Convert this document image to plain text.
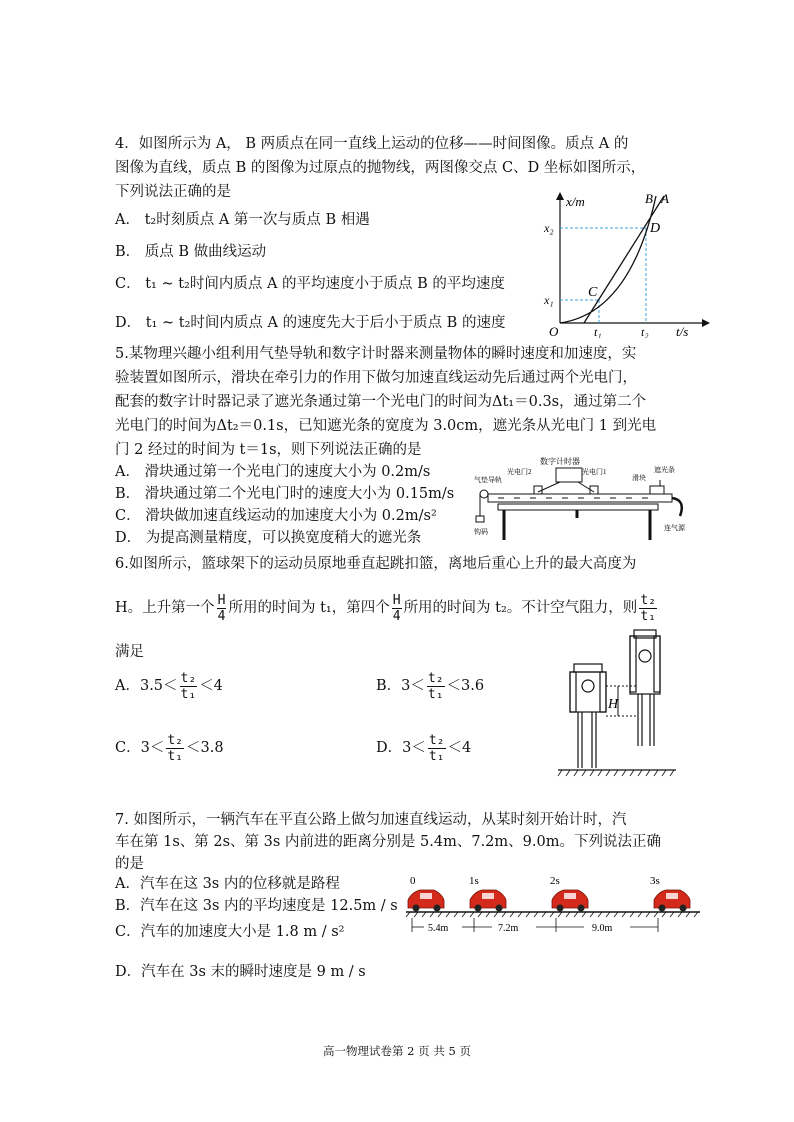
4．如图所示为 A， B 两质点在同一直线上运动的位移——时间图像。质点 A 的
图像为直线，质点 B 的图像为过原点的抛物线，两图像交点 C、D 坐标如图所示，
下列说法正确的是
A． t₂时刻质点 A 第一次与质点 B 相遇
B． 质点 B 做曲线运动
C． t₁ ~ t₂时间内质点 A 的平均速度小于质点 B 的平均速度
D． t₁ ~ t₂时间内质点 A 的速度先大于后小于质点 B 的速度
x/m	B A
D
C
x₂
x₁
O	t₁	t₂ t/s
5.某物理兴趣小组利用气垫导轨和数字计时器来测量物体的瞬时速度和加速度，实
验装置如图所示，滑块在牵引力的作用下做匀加速直线运动先后通过两个光电门，
配套的数字计时器记录了遮光条通过第一个光电门的时间为Δt₁＝0.3s，通过第二个
光电门的时间为Δt₂＝0.1s，已知遮光条的宽度为 3.0cm，遮光条从光电门 1 到光电
门 2 经过的时间为 t＝1s，则下列说法正确的是
A． 滑块通过第一个光电门的速度大小为 0.2m/s
B． 滑块通过第二个光电门时的速度大小为 0.15m/s
C． 滑块做加速直线运动的加速度大小为 0.2m/s²
D． 为提高测量精度，可以换宽度稍大的遮光条
数字计时器
光电门2	光电门1
气垫导轨	滑块
遮光条
钩码	连气源
6.如图所示，篮球架下的运动员原地垂直起跳扣篮，离地后重心上升的最大高度为
H。上升第一个 $\frac{H}{4}$ 所用的时间为 t₁，第四个 $\frac{H}{4}$ 所用的时间为 t₂。不计空气阻力，则 $\frac{\text{t₂}}{\text{t₁}}$
满足
A．$3.5< \frac{\text{t₂}}{\text{t₁}} <4$	B．$3< \frac{\text{t₂}}{\text{t₁}} <3.6$
C．$3< \frac{\text{t₂}}{\text{t₁}} <3.8$	D．$3< \frac{\text{t₂}}{\text{t₁}} <4$
H
7. 如图所示，一辆汽车在平直公路上做匀加速直线运动，从某时刻开始计时，汽
车在第 1s、第 2s、第 3s 内前进的距离分别是 5.4m、7.2m、9.0m。下列说法正确
的是
A．汽车在这 3s 内的位移就是路程
B．汽车在这 3s 内的平均速度是 12.5m / s
C．汽车的加速度大小是 1.8 m / s²
D．汽车在 3s 末的瞬时速度是 9 m / s
0	1s	2s	3s
5.4m	7.2m	9.0m
高一物理试卷第 2 页 共 5 页
